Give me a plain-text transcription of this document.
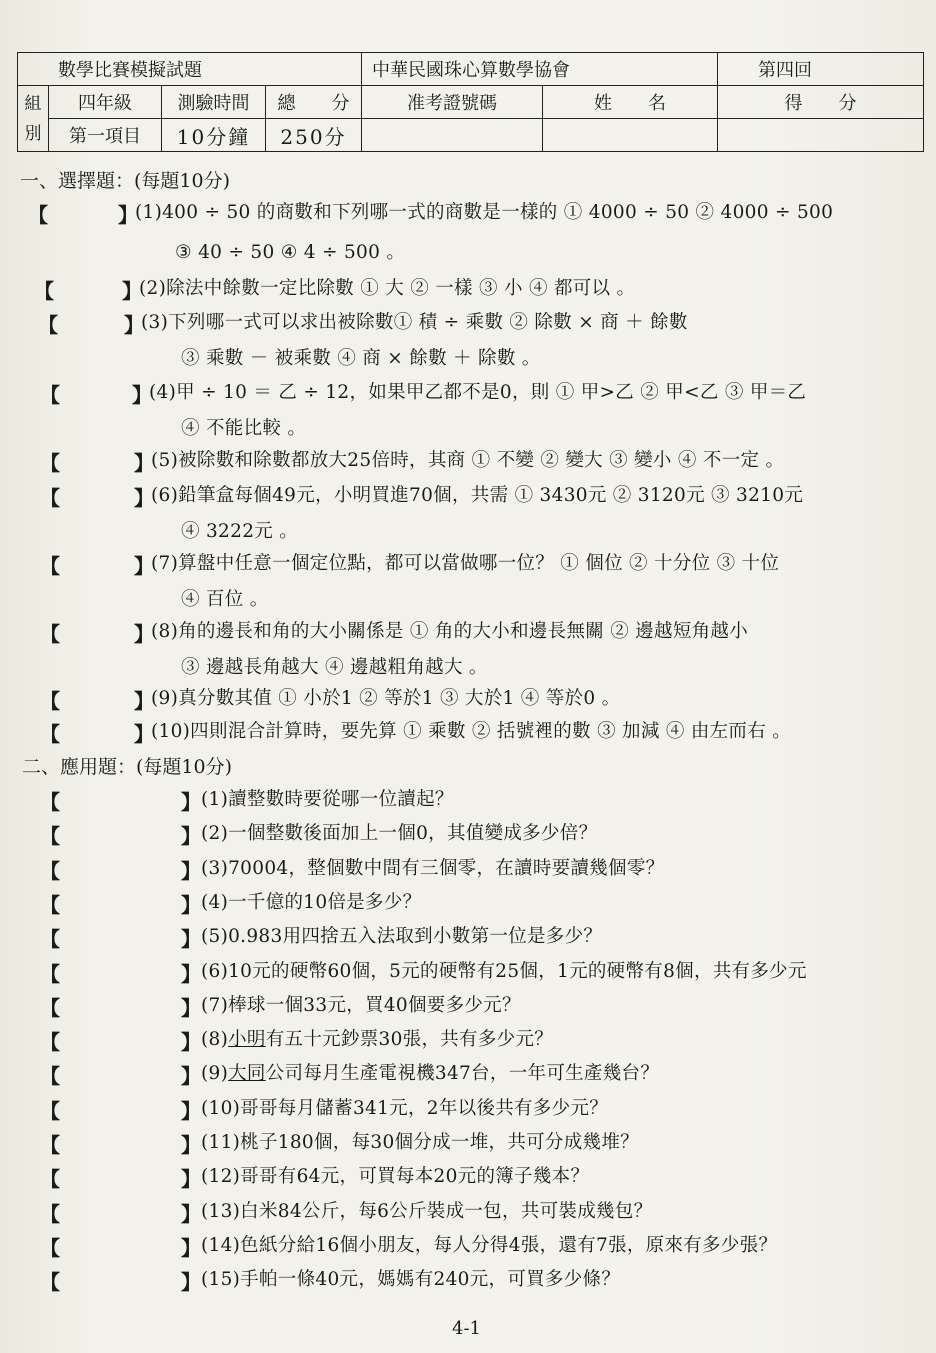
數學比賽模擬試題				中華民國珠心算數學協會		第四回

組
別	四年級	測驗時間	總　　分	准考證號碼	姓　　名	得　　分
	第一項目	10分鐘	250分			
一、選擇題：(每題10分)
【	】
(1)400 ÷ 50 的商數和下列哪一式的商數是一樣的 ① 4000 ÷ 50 ② 4000 ÷ 500
③ 40 ÷ 50 ④ 4 ÷ 500 。
【	】
(2)除法中餘數一定比除數 ① 大 ② 一樣 ③ 小 ④ 都可以 。
【	】
(3)下列哪一式可以求出被除數① 積 ÷ 乘數 ② 除數 × 商 ＋ 餘數
③ 乘數 － 被乘數 ④ 商 × 餘數 ＋ 除數 。
【	】
(4)甲 ÷ 10 ＝ 乙 ÷ 12，如果甲乙都不是0，則 ① 甲>乙 ② 甲<乙 ③ 甲＝乙
④ 不能比較 。
【	】
(5)被除數和除數都放大25倍時，其商 ① 不變 ② 變大 ③ 變小 ④ 不一定 。
【	】
(6)鉛筆盒每個49元，小明買進70個，共需 ① 3430元 ② 3120元 ③ 3210元
④ 3222元 。
【	】
(7)算盤中任意一個定位點，都可以當做哪一位？ ① 個位 ② 十分位 ③ 十位
④ 百位 。
【	】
(8)角的邊長和角的大小關係是 ① 角的大小和邊長無關 ② 邊越短角越小
③ 邊越長角越大 ④ 邊越粗角越大 。
【	】
(9)真分數其值 ① 小於1 ② 等於1 ③ 大於1 ④ 等於0 。
【	】
(10)四則混合計算時，要先算 ① 乘數 ② 括號裡的數 ③ 加減 ④ 由左而右 。
二、應用題：(每題10分)
【	】 (1)讀整數時要從哪一位讀起？
【	】 (2)一個整數後面加上一個0，其值變成多少倍？
【	】 (3)70004，整個數中間有三個零，在讀時要讀幾個零？
【	】 (4)一千億的10倍是多少？
【	】 (5)0.983用四捨五入法取到小數第一位是多少？
【	】 (6)10元的硬幣60個，5元的硬幣有25個，1元的硬幣有8個，共有多少元
【	】 (7)棒球一個33元，買40個要多少元？
【	】 (8)小明有五十元鈔票30張，共有多少元？
【	】 (9)大同公司每月生產電視機347台，一年可生產幾台？
【	】 (10)哥哥每月儲蓄341元，2年以後共有多少元？
【	】 (11)桃子180個，每30個分成一堆，共可分成幾堆？
【	】 (12)哥哥有64元，可買每本20元的簿子幾本？
【	】 (13)白米84公斤，每6公斤裝成一包，共可裝成幾包？
【	】 (14)色紙分給16個小朋友，每人分得4張，還有7張，原來有多少張？
【	】 (15)手帕一條40元，媽媽有240元，可買多少條？
4-1
